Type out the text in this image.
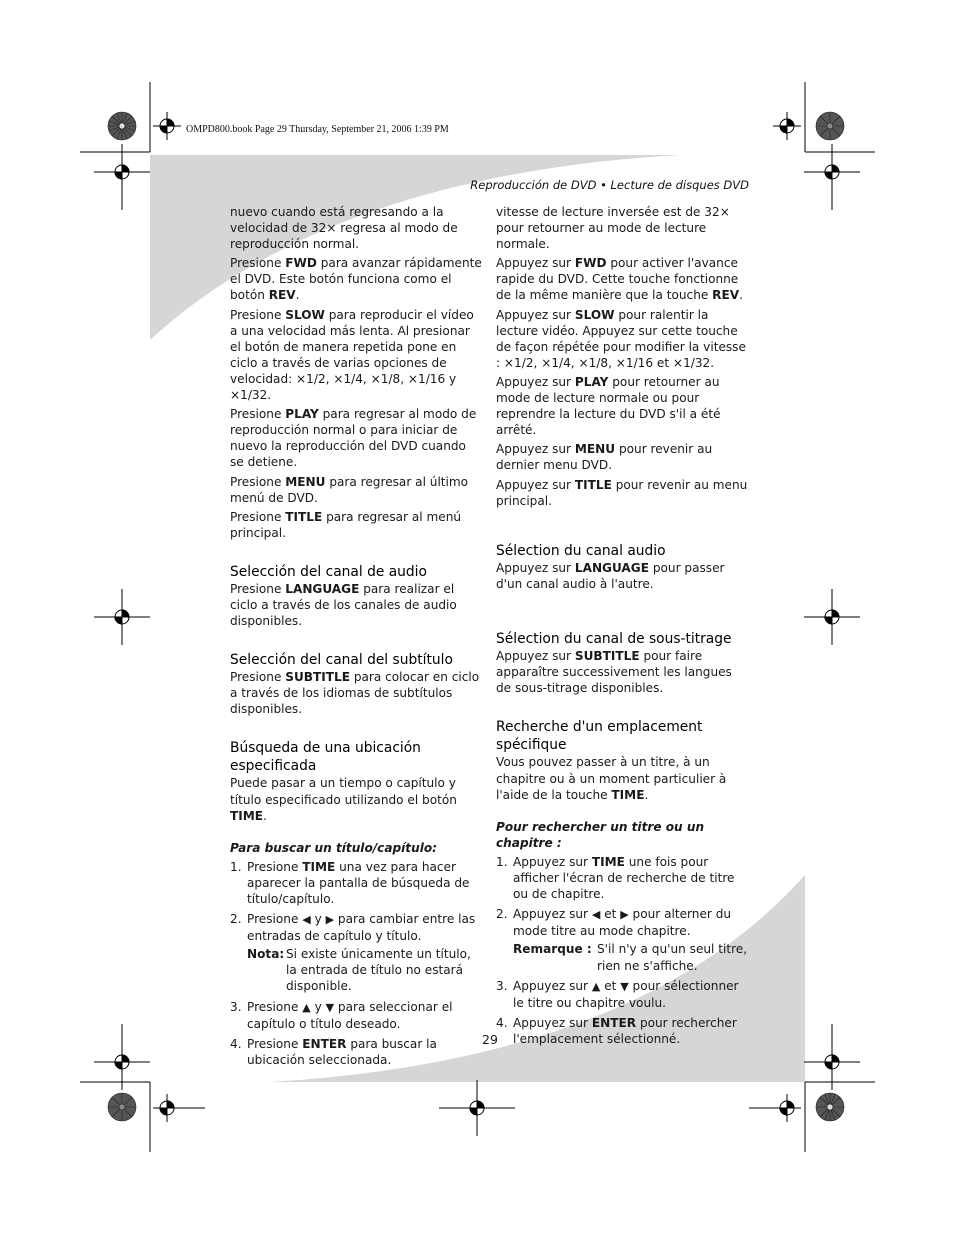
OMPD800.book Page 29 Thursday, September 21, 2006 1:39 PM
Reproducción de DVD • Lecture de disques DVD

nuevo cuando está regresando a la velocidad de 32× regresa al modo de reproducción normal.

Presione FWD para avanzar rápidamente el DVD. Este botón funciona como el botón REV.

Presione SLOW para reproducir el vídeo a una velocidad más lenta. Al presionar el botón de manera repetida pone en ciclo a través de varias opciones de velocidad: ×1/2, ×1/4, ×1/8, ×1/16 y ×1/32.

Presione PLAY para regresar al modo de reproducción normal o para iniciar de nuevo la reproducción del DVD cuando se detiene.

Presione MENU para regresar al último menú de DVD.

Presione TITLE para regresar al menú principal.

Selección del canal de audio

Presione LANGUAGE para realizar el ciclo a través de los canales de audio disponibles.

Selección del canal del subtítulo

Presione SUBTITLE para colocar en ciclo a través de los idiomas de subtítulos disponibles.

Búsqueda de una ubicación
especificada

Puede pasar a un tiempo o capítulo y título especificado utilizando el botón TIME.

Para buscar un título/capítulo:

1. Presione TIME una vez para hacer aparecer la pantalla de búsqueda de título/capítulo.
2. Presione ◀ y ▶ para cambiar entre las entradas de capítulo y título.
Nota: Si existe únicamente un título, la entrada de título no estará disponible.
3. Presione ▲ y ▼ para seleccionar el capítulo o título deseado.
4. Presione ENTER para buscar la ubicación seleccionada.

vitesse de lecture inversée est de 32× pour retourner au mode de lecture normale.

Appuyez sur FWD pour activer l'avance rapide du DVD. Cette touche fonctionne de la même manière que la touche REV.

Appuyez sur SLOW pour ralentir la lecture vidéo. Appuyez sur cette touche de façon répétée pour modifier la vitesse : ×1/2, ×1/4, ×1/8, ×1/16 et ×1/32.

Appuyez sur PLAY pour retourner au mode de lecture normale ou pour reprendre la lecture du DVD s'il a été arrêté.

Appuyez sur MENU pour revenir au dernier menu DVD.

Appuyez sur TITLE pour revenir au menu principal.

Sélection du canal audio

Appuyez sur LANGUAGE pour passer d'un canal audio à l'autre.

Sélection du canal de sous-titrage

Appuyez sur SUBTITLE pour faire apparaître successivement les langues de sous-titrage disponibles.

Recherche d'un emplacement
spécifique

Vous pouvez passer à un titre, à un chapitre ou à un moment particulier à l'aide de la touche TIME.

Pour rechercher un titre ou un chapitre :

1. Appuyez sur TIME une fois pour afficher l'écran de recherche de titre ou de chapitre.
2. Appuyez sur ◀ et ▶ pour alterner du mode titre au mode chapitre.
Remarque : S'il n'y a qu'un seul titre, rien ne s'affiche.
3. Appuyez sur ▲ et ▼ pour sélectionner le titre ou chapitre voulu.
4. Appuyez sur ENTER pour rechercher l'emplacement sélectionné.
29
